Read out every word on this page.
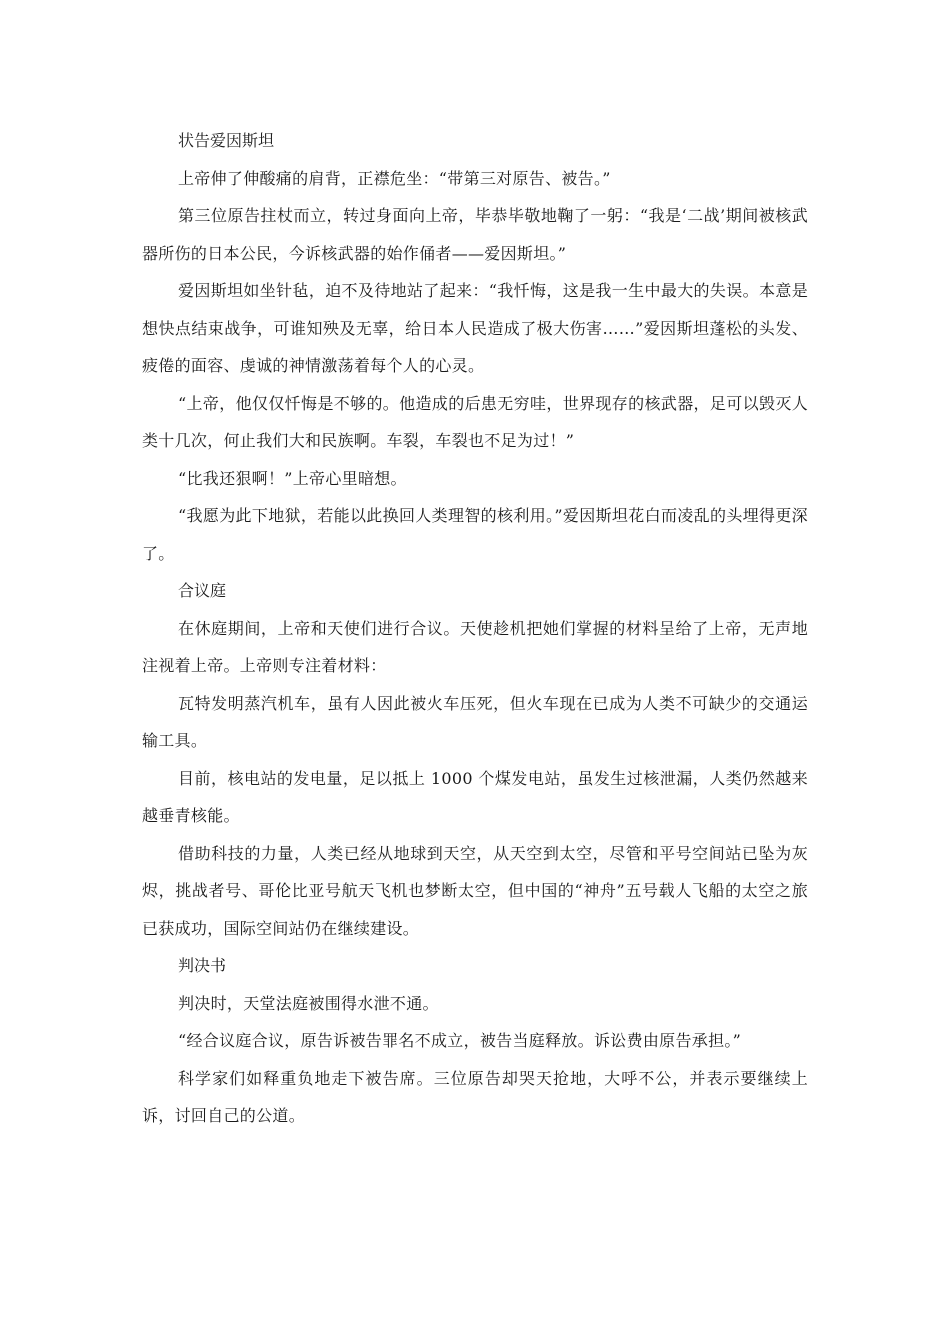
状告爱因斯坦

上帝伸了伸酸痛的肩背，正襟危坐：“带第三对原告、被告。”

第三位原告拄杖而立，转过身面向上帝，毕恭毕敬地鞠了一躬：“我是‘二战’期间被核武器所伤的日本公民，今诉核武器的始作俑者——爱因斯坦。”

爱因斯坦如坐针毡，迫不及待地站了起来：“我忏悔，这是我一生中最大的失误。本意是想快点结束战争，可谁知殃及无辜，给日本人民造成了极大伤害……”爱因斯坦蓬松的头发、疲倦的面容、虔诚的神情激荡着每个人的心灵。

“上帝，他仅仅忏悔是不够的。他造成的后患无穷哇，世界现存的核武器，足可以毁灭人类十几次，何止我们大和民族啊。车裂，车裂也不足为过！”

“比我还狠啊！”上帝心里暗想。

“我愿为此下地狱，若能以此换回人类理智的核利用。”爱因斯坦花白而凌乱的头埋得更深了。

合议庭

在休庭期间，上帝和天使们进行合议。天使趁机把她们掌握的材料呈给了上帝，无声地注视着上帝。上帝则专注着材料：

瓦特发明蒸汽机车，虽有人因此被火车压死，但火车现在已成为人类不可缺少的交通运输工具。

目前，核电站的发电量，足以抵上 1000 个煤发电站，虽发生过核泄漏，人类仍然越来越垂青核能。

借助科技的力量，人类已经从地球到天空，从天空到太空，尽管和平号空间站已坠为灰烬，挑战者号、哥伦比亚号航天飞机也梦断太空，但中国的“神舟”五号载人飞船的太空之旅已获成功，国际空间站仍在继续建设。

判决书

判决时，天堂法庭被围得水泄不通。

“经合议庭合议，原告诉被告罪名不成立，被告当庭释放。诉讼费由原告承担。”

科学家们如释重负地走下被告席。三位原告却哭天抢地，大呼不公，并表示要继续上诉，讨回自己的公道。
